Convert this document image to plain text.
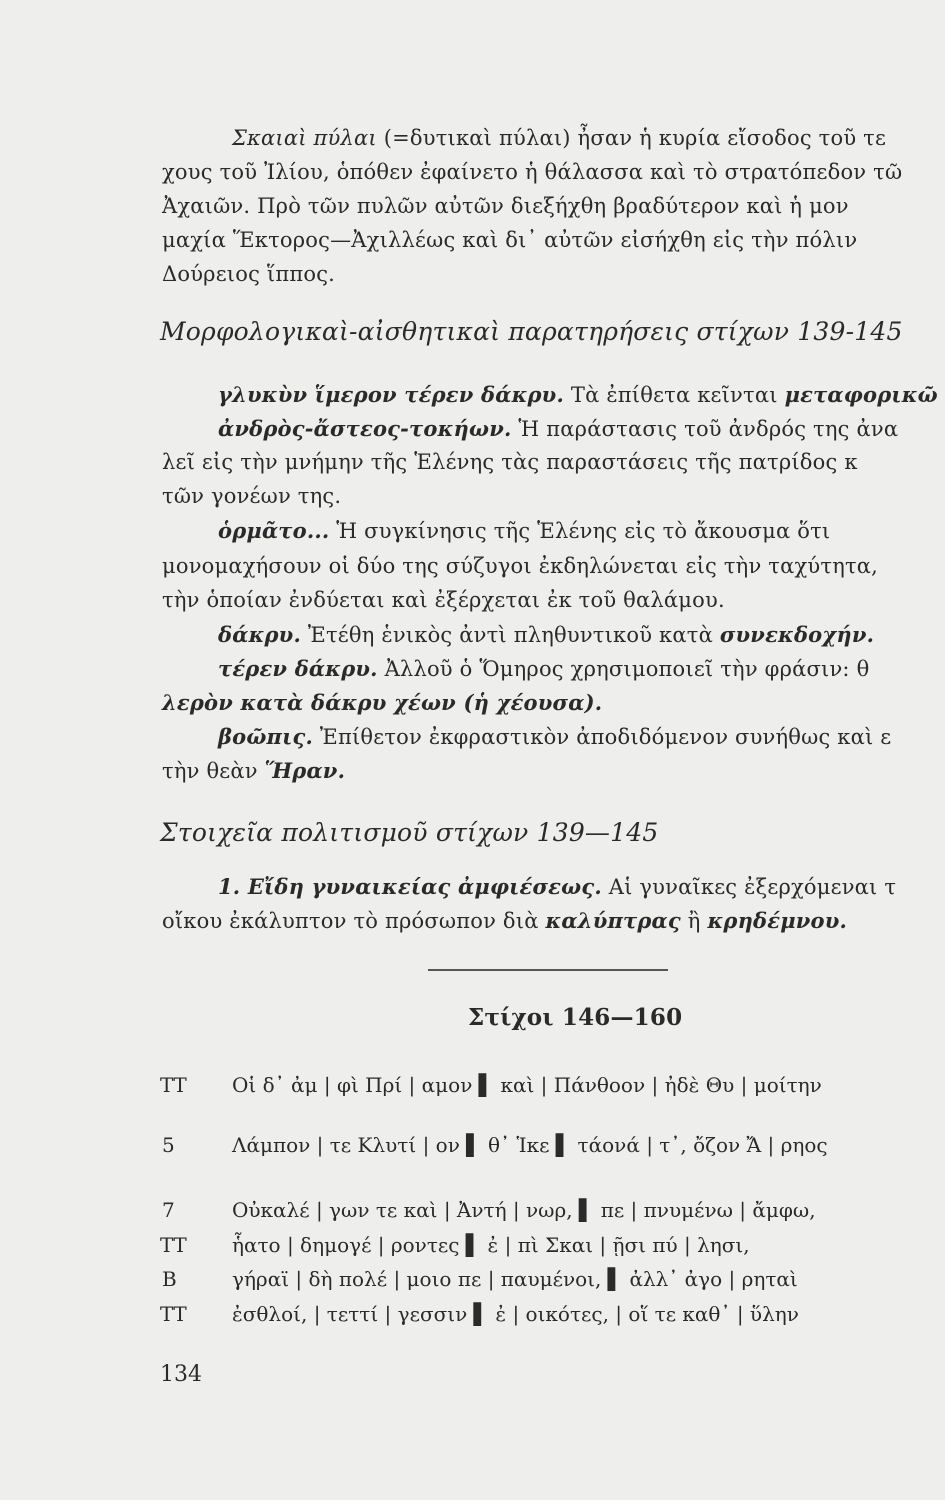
Σκαιαὶ πύλαι (=δυτικαὶ πύλαι) ἦσαν ἡ κυρία εἴσοδος τοῦ τε
χους τοῦ Ἰλίου, ὁπόθεν ἐφαίνετο ἡ θάλασσα καὶ τὸ στρατόπεδον τῶ
Ἀχαιῶν. Πρὸ τῶν πυλῶν αὐτῶν διεξήχθη βραδύτερον καὶ ἡ μον
μαχία Ἕκτορος—Ἀχιλλέως καὶ δι᾽ αὐτῶν εἰσήχθη εἰς τὴν πόλιν
Δούρειος ἵππος.
Μορφολογικαὶ-αἰσθητικαὶ παρατηρήσεις στίχων 139-145
γλυκὺν ἵμερον τέρεν δάκρυ. Τὰ ἐπίθετα κεῖνται μεταφορικῶ
ἀνδρὸς-ἄστεος-τοκήων. Ἡ παράστασις τοῦ ἀνδρός της ἀνα
λεῖ εἰς τὴν μνήμην τῆς Ἑλένης τὰς παραστάσεις τῆς πατρίδος κ
τῶν γονέων της.
ὁρμᾶτο... Ἡ συγκίνησις τῆς Ἑλένης εἰς τὸ ἄκουσμα ὅτι
μονομαχήσουν οἱ δύο της σύζυγοι ἐκδηλώνεται εἰς τὴν ταχύτητα,
τὴν ὁποίαν ἐνδύεται καὶ ἐξέρχεται ἐκ τοῦ θαλάμου.
δάκρυ. Ἐτέθη ἑνικὸς ἀντὶ πληθυντικοῦ κατὰ συνεκδοχήν.
τέρεν δάκρυ. Ἀλλοῦ ὁ Ὅμηρος χρησιμοποιεῖ τὴν φράσιν: θ
λερὸν κατὰ δάκρυ χέων (ἡ χέουσα).
βοῶπις. Ἐπίθετον ἐκφραστικὸν ἀποδιδόμενον συνήθως καὶ ε
τὴν θεὰν Ἥραν.
Στοιχεῖα πολιτισμοῦ στίχων 139—145
1. Εἴδη γυναικείας ἀμφιέσεως. Αἱ γυναῖκες ἐξερχόμεναι τ
οἴκου ἐκάλυπτον τὸ πρόσωπον διὰ καλύπτρας ἢ κρηδέμνου.
Στίχοι 146—160
ΤΤ Οἱ δ᾽ ἀμ | φὶ Πρί | αμον ▌ καὶ | Πάνθοον | ἠδὲ Θυ | μοίτην
5	Λάμπον | τε Κλυτί | ον ▌ θ᾽ Ἱκε ▌ τάονά | τ᾽, ὄζον Ἄ | ρηος
7	Οὐκαλέ | γων τε καὶ | Ἀντή | νωρ, ▌ πε | πνυμένω | ἄμφω,
ΤΤ ἧατο | δημογέ | ροντες ▌ ἐ | πὶ Σκαι | ῇσι πύ | λησι,
Β	γήραϊ | δὴ πολέ | μοιο πε | παυμένοι, ▌ ἀλλ᾽ ἀγο | ρηταὶ
ΤΤ ἐσθλοί, | τεττί | γεσσιν ▌ ἐ | οικότες, | οἵ τε καθ᾽ | ὕλην
134
